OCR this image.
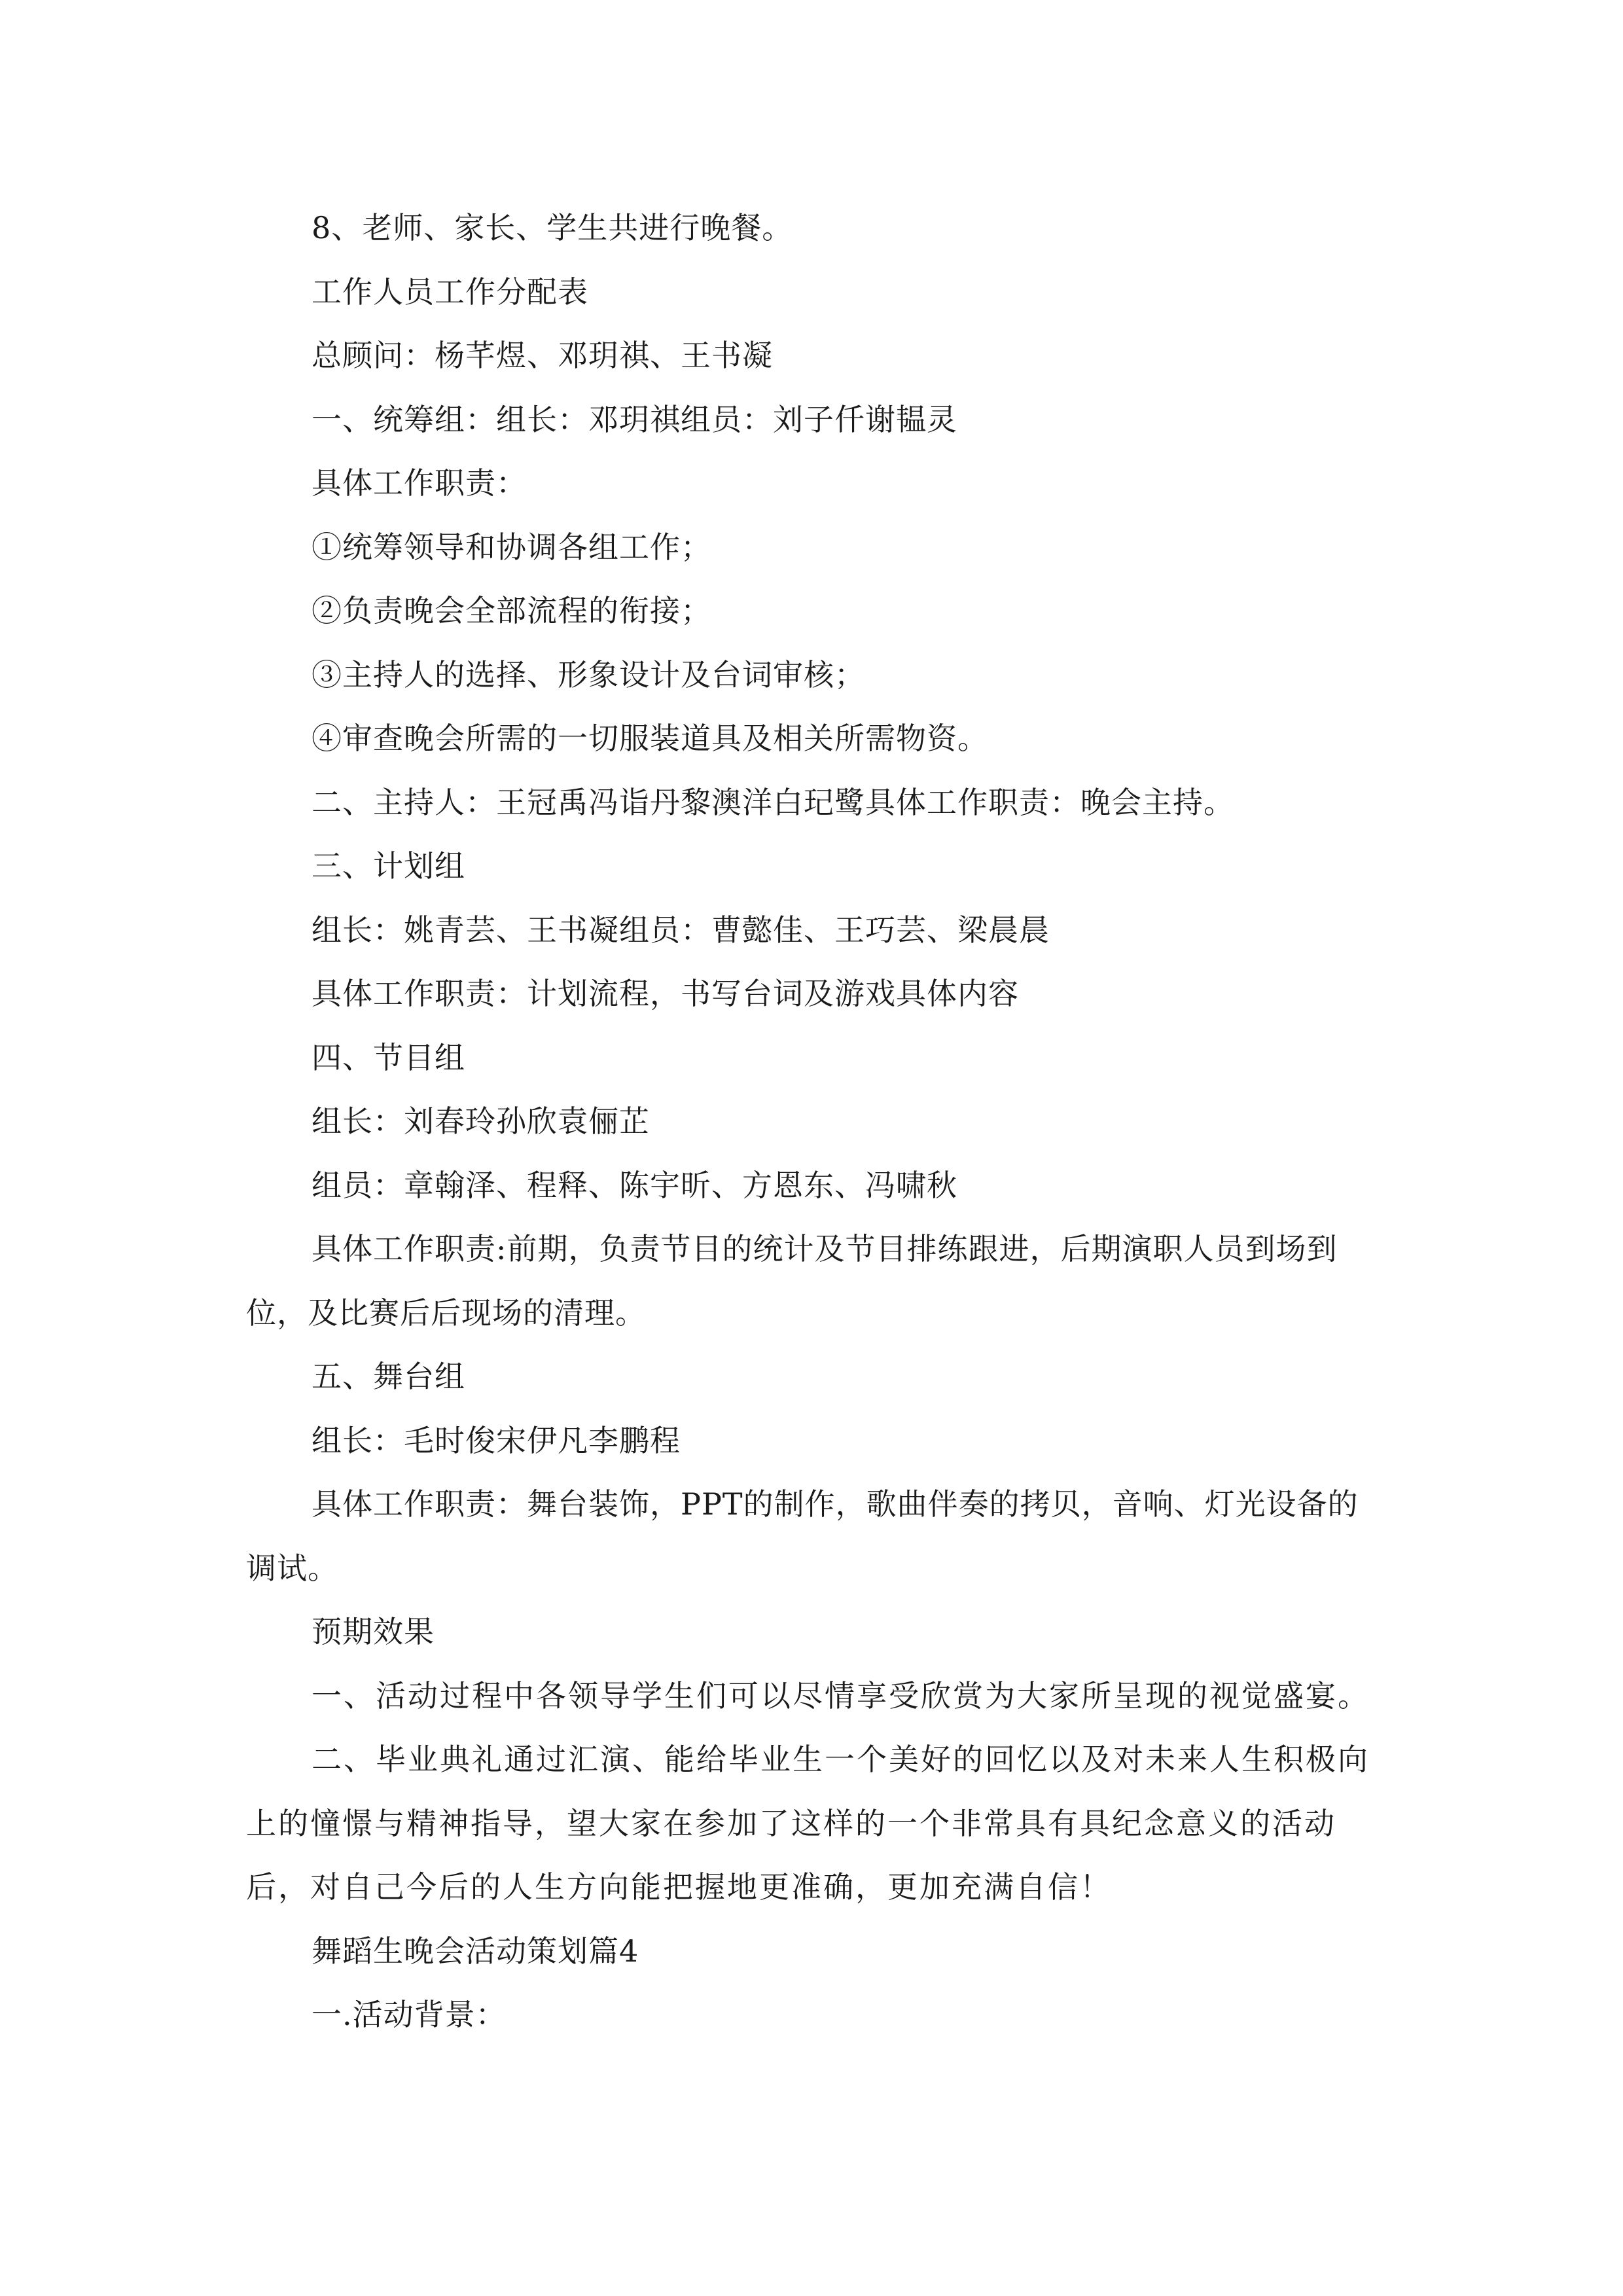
8、老师、家长、学生共进行晚餐。

工作人员工作分配表

总顾问：杨芊煜、邓玥祺、王书凝

一、统筹组：组长：邓玥祺组员：刘子仟谢韫灵

具体工作职责：

①统筹领导和协调各组工作；

②负责晚会全部流程的衔接；

③主持人的选择、形象设计及台词审核；

④审查晚会所需的一切服装道具及相关所需物资。

二、主持人：王冠禹冯诣丹黎澳洋白玘鹭具体工作职责：晚会主持。

三、计划组

组长：姚青芸、王书凝组员：曹懿佳、王巧芸、梁晨晨

具体工作职责：计划流程，书写台词及游戏具体内容

四、节目组

组长：刘春玲孙欣袁俪芷

组员：章翰泽、程释、陈宇昕、方恩东、冯啸秋

具体工作职责:前期，负责节目的统计及节目排练跟进，后期演职人员到场到位，及比赛后后现场的清理。

五、舞台组

组长：毛时俊宋伊凡李鹏程

具体工作职责：舞台装饰，PPT的制作，歌曲伴奏的拷贝，音响、灯光设备的调试。

预期效果

一、活动过程中各领导学生们可以尽情享受欣赏为大家所呈现的视觉盛宴。

二、毕业典礼通过汇演、能给毕业生一个美好的回忆以及对未来人生积极向上的憧憬与精神指导，望大家在参加了这样的一个非常具有具纪念意义的活动后，对自己今后的人生方向能把握地更准确，更加充满自信！

舞蹈生晚会活动策划篇4

一.活动背景：
